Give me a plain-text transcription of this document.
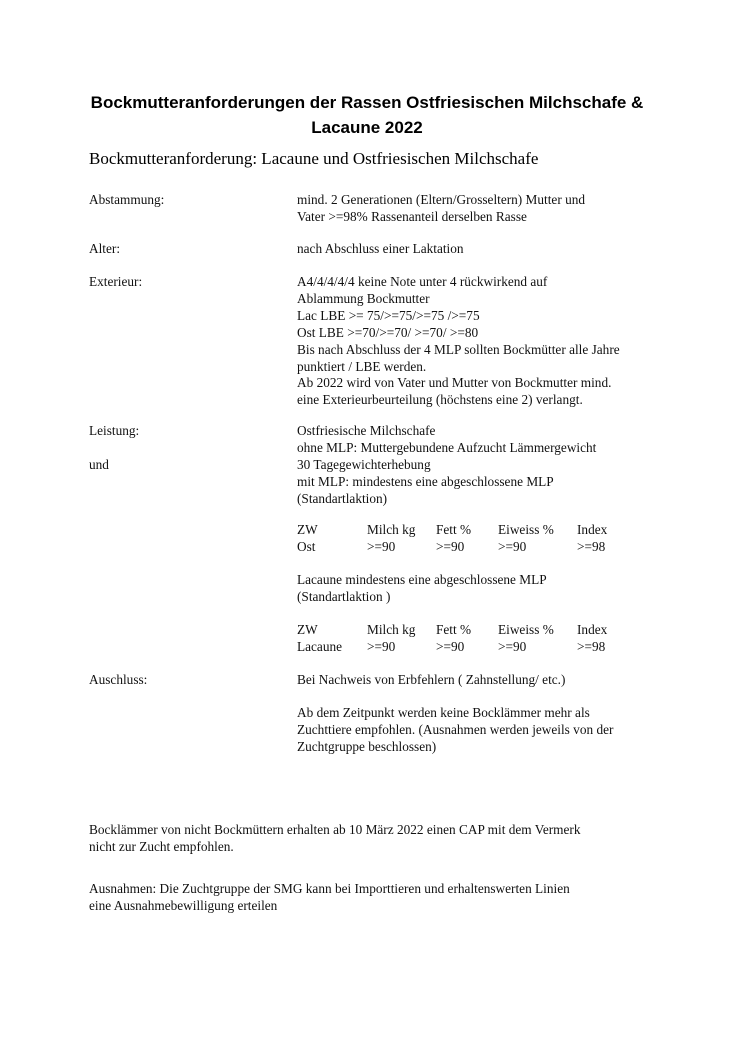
Bockmutteranforderungen der Rassen Ostfriesischen Milchschafe &
Lacaune 2022
Bockmutteranforderung: Lacaune und Ostfriesischen Milchschafe
Abstammung:	mind. 2 Generationen (Eltern/Grosseltern) Mutter und
Vater >=98% Rassenanteil derselben Rasse
Alter:	nach Abschluss einer Laktation
Exterieur:	A4/4/4/4/4 keine Note unter 4 rückwirkend auf
Ablammung Bockmutter
Lac LBE >= 75/>=75/>=75 />=75
Ost LBE >=70/>=70/ >=70/ >=80
Bis nach Abschluss der 4 MLP sollten Bockmütter alle Jahre
punktiert / LBE werden.
Ab 2022 wird von Vater und Mutter von Bockmutter mind.
eine Exterieurbeurteilung (höchstens eine 2) verlangt.
Leistung:
und
Ostfriesische Milchschafe
ohne MLP: Muttergebundene Aufzucht Lämmergewicht
30 Tagegewichterhebung
mit MLP: mindestens eine abgeschlossene MLP
(Standartlaktion)
ZW	Milch kg Fett % Eiweiss % Index
Ost	>=90	>=90	>=90	>=98
Lacaune mindestens eine abgeschlossene MLP
(Standartlaktion )
ZW	Milch kg Fett % Eiweiss % Index
Lacaune >=90	>=90	>=90	>=98
Auschluss:	Bei Nachweis von Erbfehlern ( Zahnstellung/ etc.)
Ab dem Zeitpunkt werden keine Bocklämmer mehr als
Zuchttiere empfohlen. (Ausnahmen werden jeweils von der
Zuchtgruppe beschlossen)
Bocklämmer von nicht Bockmüttern erhalten ab 10 März 2022 einen CAP mit dem Vermerk
nicht zur Zucht empfohlen.
Ausnahmen: Die Zuchtgruppe der SMG kann bei Importtieren und erhaltenswerten Linien
eine Ausnahmebewilligung erteilen
